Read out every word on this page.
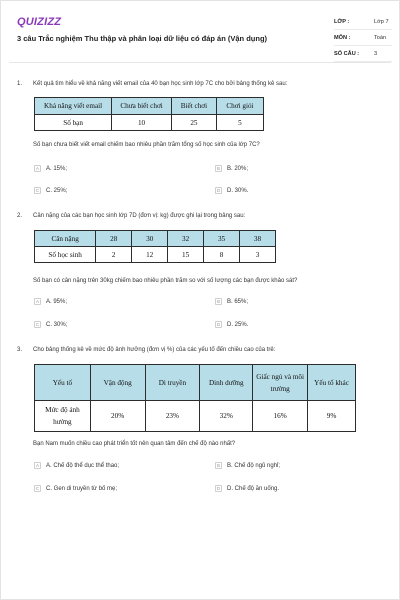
QUIZIZZ
3 câu Trắc nghiệm Thu thập và phân loại dữ liệu có đáp án (Vận dụng)
LỚP :	Lớp 7
MÔN :	Toán
SỐ CÂU :	3
1. Kết quả tìm hiểu về khả năng viết email của 40 bạn học sinh lớp 7C cho bởi bảng thống kê sau:
Khả năng viết email	Chưa biết chơi	Biết chơi	Chơi giỏi
Số bạn	10	25	5
Số bạn chưa biết viết email chiếm bao nhiêu phần trăm tổng số học sinh của lớp 7C?
A	A. 15%;	B	B. 20%;
C	C. 25%;	D	D. 30%.
2. Cân nặng của các bạn học sinh lớp 7D (đơn vị: kg) được ghi lại trong bảng sau:
Cân nặng	28	30	32	35	38
Số học sinh	2	12	15	8	3
Số bạn có cân nặng trên 30kg chiếm bao nhiêu phần trăm so với số lượng các bạn được khảo sát?
A	A. 95%;	B	B. 65%;
C	C. 30%;	D	D. 25%.
3. Cho bảng thống kê về mức độ ảnh hưởng (đơn vị %) của các yếu tố đến chiều cao của trẻ:
Yếu tố	Vận động	Di truyền	Dinh dưỡng	Giấc ngủ và môi trường	Yếu tố khác
Mức độ ảnh hưởng	20%	23%	32%	16%	9%
Bạn Nam muốn chiều cao phát triển tốt nên quan tâm đến chế độ nào nhất?
A	A. Chế độ thể dục thể thao;	B	B. Chế độ ngủ nghỉ;
C	C. Gen di truyền từ bố mẹ;	D	D. Chế độ ăn uống.
